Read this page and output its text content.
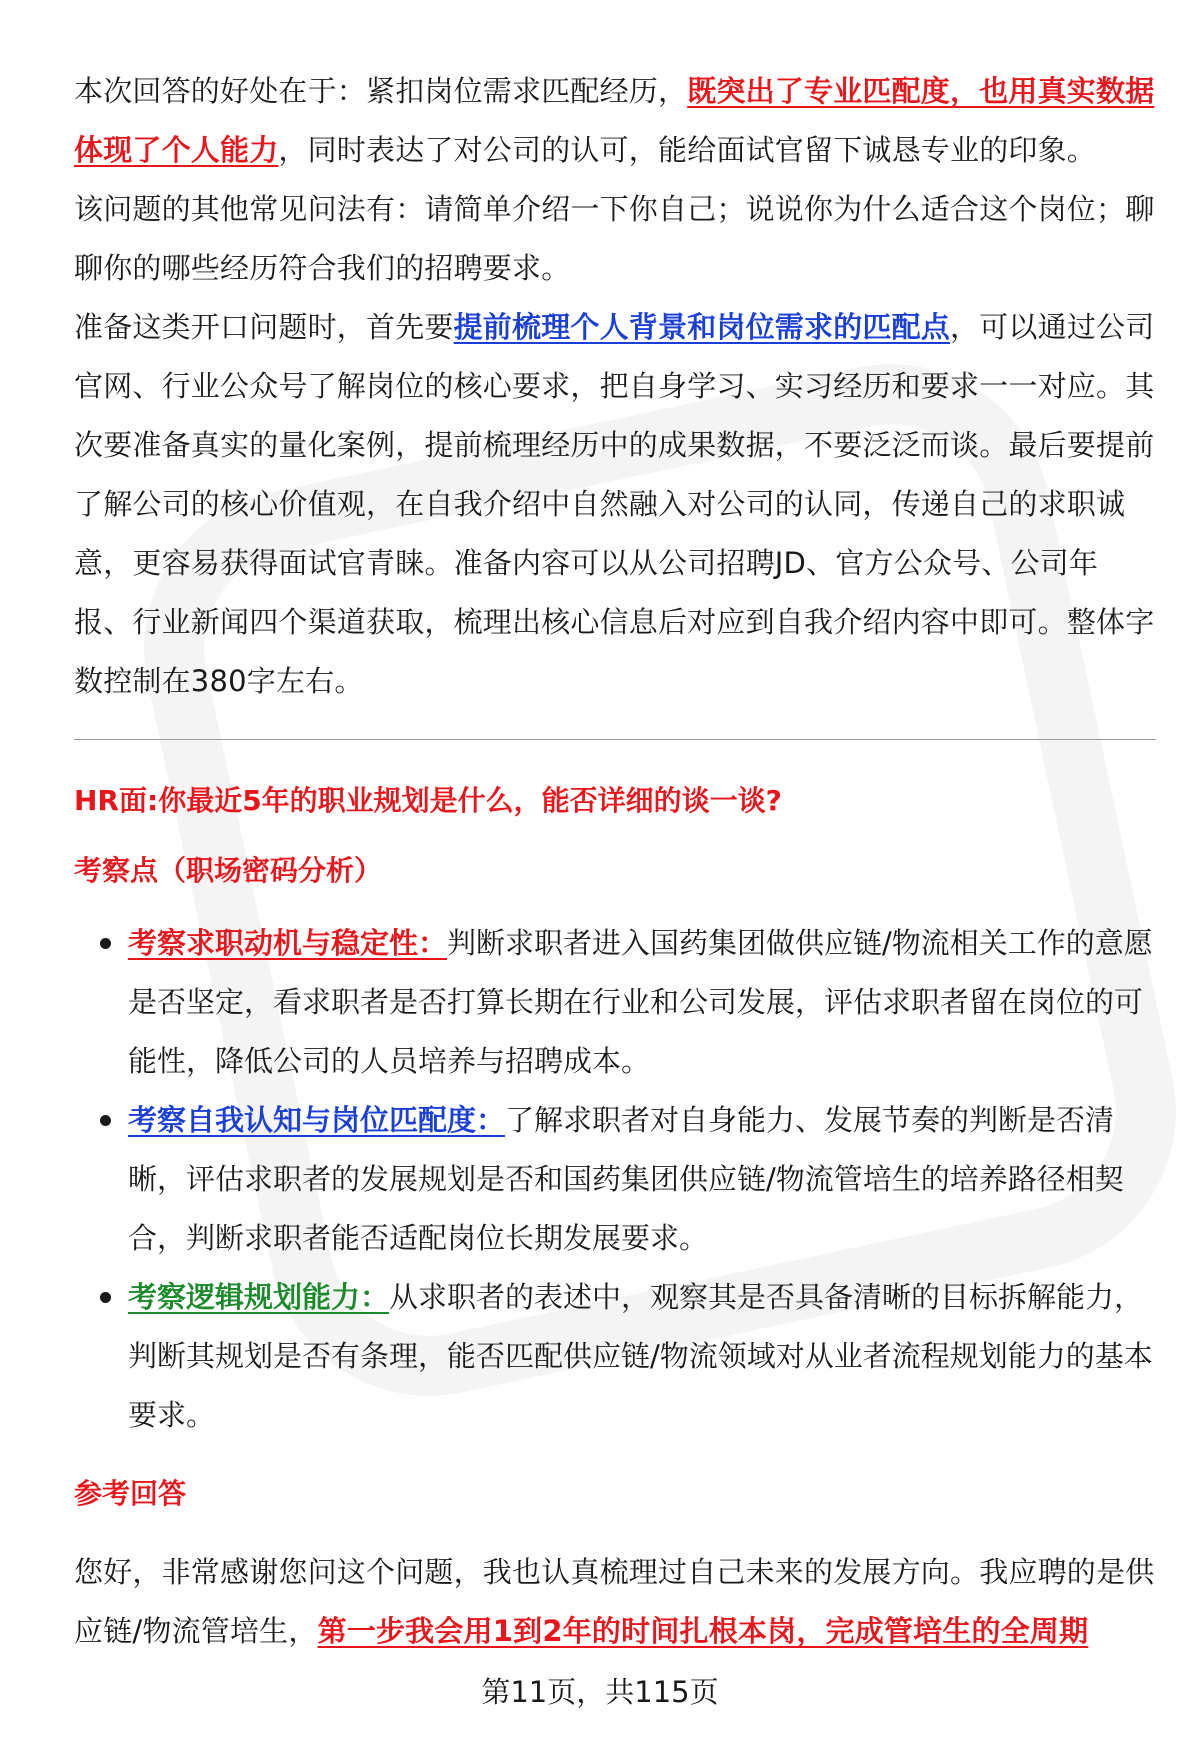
本次回答的好处在于：紧扣岗位需求匹配经历，既突出了专业匹配度，也用真实数据体现了个人能力，同时表达了对公司的认可，能给面试官留下诚恳专业的印象。

该问题的其他常见问法有：请简单介绍一下你自己；说说你为什么适合这个岗位；聊聊你的哪些经历符合我们的招聘要求。

准备这类开口问题时，首先要提前梳理个人背景和岗位需求的匹配点，可以通过公司官网、行业公众号了解岗位的核心要求，把自身学习、实习经历和要求一一对应。其次要准备真实的量化案例，提前梳理经历中的成果数据，不要泛泛而谈。最后要提前了解公司的核心价值观，在自我介绍中自然融入对公司的认同，传递自己的求职诚意，更容易获得面试官青睐。准备内容可以从公司招聘JD、官方公众号、公司年报、行业新闻四个渠道获取，梳理出核心信息后对应到自我介绍内容中即可。整体字数控制在380字左右。

HR面:你最近5年的职业规划是什么，能否详细的谈一谈?
考察点（职场密码分析）
考察求职动机与稳定性：判断求职者进入国药集团做供应链/物流相关工作的意愿是否坚定，看求职者是否打算长期在行业和公司发展，评估求职者留在岗位的可能性，降低公司的人员培养与招聘成本。
考察自我认知与岗位匹配度：了解求职者对自身能力、发展节奏的判断是否清晰，评估求职者的发展规划是否和国药集团供应链/物流管培生的培养路径相契合，判断求职者能否适配岗位长期发展要求。
考察逻辑规划能力：从求职者的表述中，观察其是否具备清晰的目标拆解能力，判断其规划是否有条理，能否匹配供应链/物流领域对从业者流程规划能力的基本要求。
参考回答

您好，非常感谢您问这个问题，我也认真梳理过自己未来的发展方向。我应聘的是供应链/物流管培生，第一步我会用1到2年的时间扎根本岗，完成管培生的全周期

第11页，共115页
